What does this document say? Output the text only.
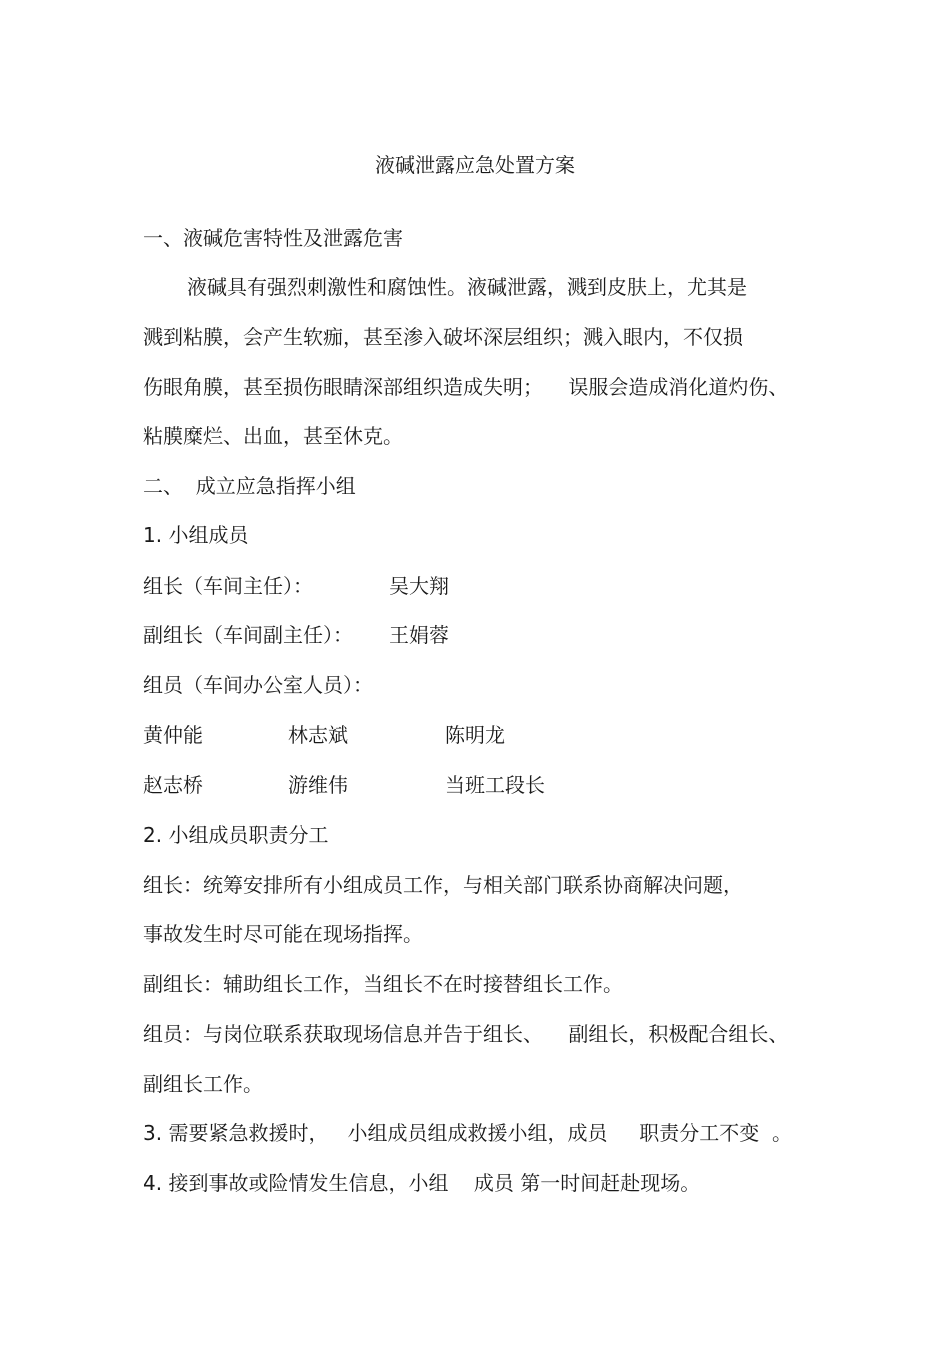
液碱泄露应急处置方案

一、液碱危害特性及泄露危害

液碱具有强烈刺激性和腐蚀性。液碱泄露，溅到皮肤上，尤其是

溅到粘膜，会产生软痂，甚至渗入破坏深层组织；溅入眼内，不仅损

伤眼角膜，甚至损伤眼睛深部组织造成失明；    误服会造成消化道灼伤、

粘膜糜烂、出血，甚至休克。

二、  成立应急指挥小组

1. 小组成员

组长（车间主任）：	吴大翔

副组长（车间副主任）： 王娟蓉

组员（车间办公室人员）：

黄仲能	林志斌	陈明龙
赵志桥	游维伟	当班工段长

2. 小组成员职责分工

组长：统筹安排所有小组成员工作，与相关部门联系协商解决问题，

事故发生时尽可能在现场指挥。

副组长：辅助组长工作，当组长不在时接替组长工作。

组员：与岗位联系获取现场信息并告于组长、    副组长，积极配合组长、

副组长工作。

3. 需要紧急救援时，   小组成员组成救援小组，成员     职责分工不变  。

4. 接到事故或险情发生信息，小组    成员 第一时间赶赴现场。
